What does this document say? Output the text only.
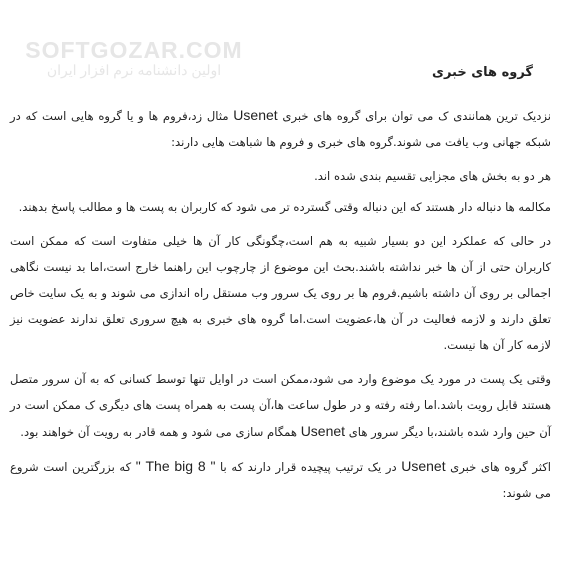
SOFTGOZAR.COM
اولین دانشنامه نرم افزار ایران	گروه های خبری

نزدیک ترین همانندی ک می توان برای گروه های خبری Usenet مثال زد،فروم ها و یا گروه هایی است که در شبکه جهانی وب یافت می شوند.گروه های خبری و فروم ها شباهت هایی دارند:

هر دو به بخش های مجزایی تقسیم بندی شده اند.

مکالمه ها دنباله دار هستند که این دنباله وقتی گسترده تر می شود که کاربران به پست ها و مطالب پاسخ بدهند.

در حالی که عملکرد این دو بسیار شبیه به هم است،چگونگی کار آن ها خیلی متفاوت است که ممکن است کاربران حتی از آن ها خبر نداشته باشند.بحث این موضوع از چارچوب این راهنما خارج است،اما بد نیست نگاهی اجمالی بر روی آن داشته باشیم.فروم ها بر روی یک سرور وب مستقل راه اندازی می شوند و به یک سایت خاص تعلق دارند و لازمه فعالیت در آن ها،عضویت است.اما گروه های خبری به هیچ سروری تعلق ندارند عضویت نیز لازمه کار آن ها نیست.

وقتی یک پست در مورد یک موضوع وارد می شود،ممکن است در اوایل تنها توسط کسانی که به آن سرور متصل هستند قابل رویت باشد.اما رفته رفته و در طول ساعت ها،آن پست به همراه پست های دیگری ک ممکن است در آن حین وارد شده باشند،با دیگر سرور های Usenet همگام سازی می شود و همه قادر به رویت آن خواهند بود.

اکثر گروه های خبری Usenet در یک ترتیب پیچیده قرار دارند که با " The big 8 " که بزرگترین است شروع می شوند:
